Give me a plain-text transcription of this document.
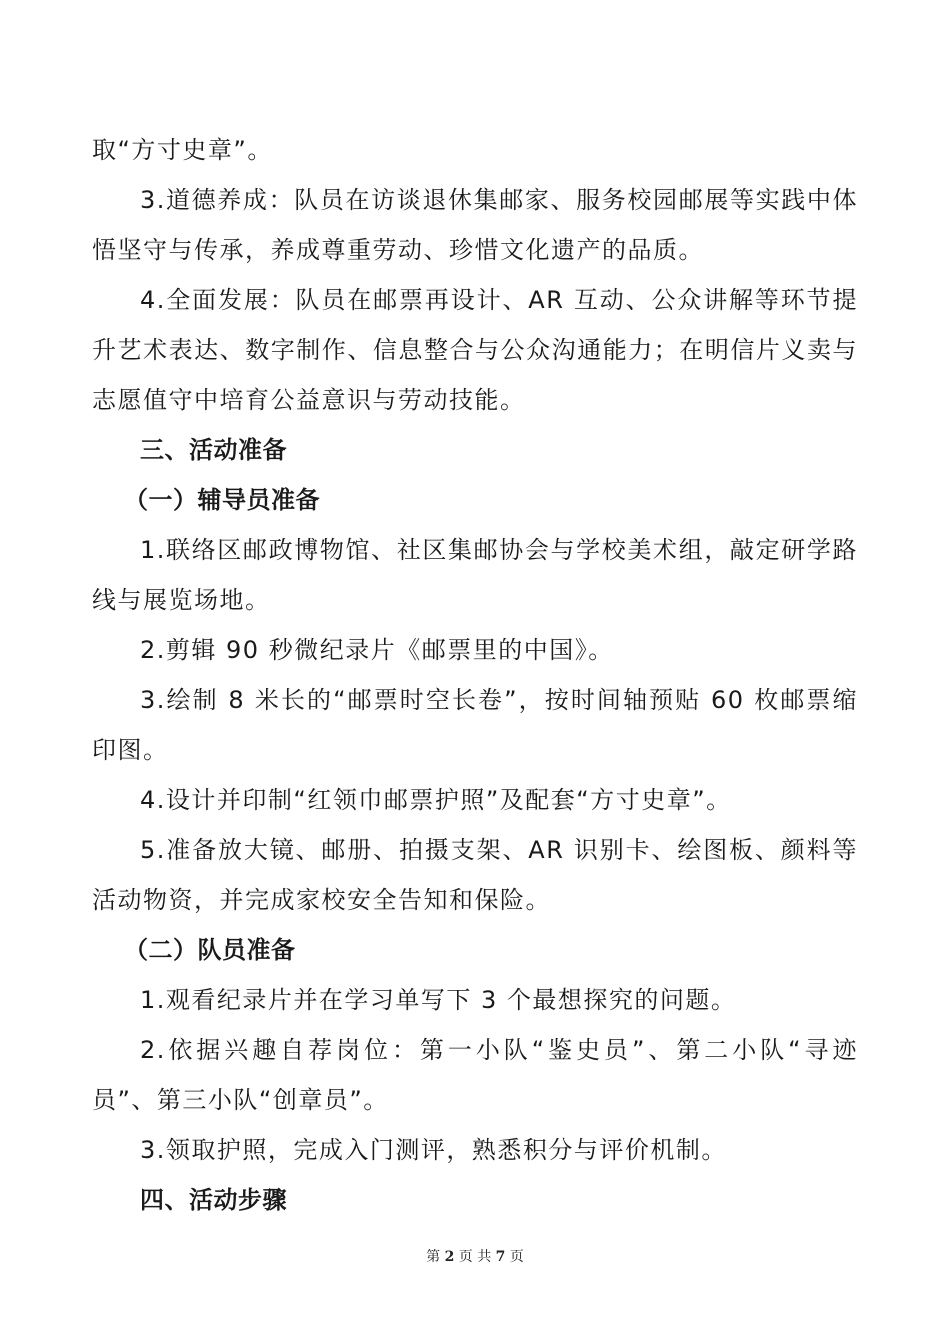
取“方寸史章”。
3.道德养成：队员在访谈退休集邮家、服务校园邮展等实践中体
悟坚守与传承，养成尊重劳动、珍惜文化遗产的品质。
4.全面发展：队员在邮票再设计、AR 互动、公众讲解等环节提
升艺术表达、数字制作、信息整合与公众沟通能力；在明信片义卖与
志愿值守中培育公益意识与劳动技能。
三、活动准备
（一）辅导员准备
1.联络区邮政博物馆、社区集邮协会与学校美术组，敲定研学路
线与展览场地。
2.剪辑 90 秒微纪录片《邮票里的中国》。
3.绘制 8 米长的“邮票时空长卷”，按时间轴预贴 60 枚邮票缩
印图。
4.设计并印制“红领巾邮票护照”及配套“方寸史章”。
5.准备放大镜、邮册、拍摄支架、AR 识别卡、绘图板、颜料等
活动物资，并完成家校安全告知和保险。
（二）队员准备
1.观看纪录片并在学习单写下 3 个最想探究的问题。
2.依据兴趣自荐岗位：第一小队“鉴史员”、第二小队“寻迹
员”、第三小队“创章员”。
3.领取护照，完成入门测评，熟悉积分与评价机制。
四、活动步骤
第 2 页 共 7 页
